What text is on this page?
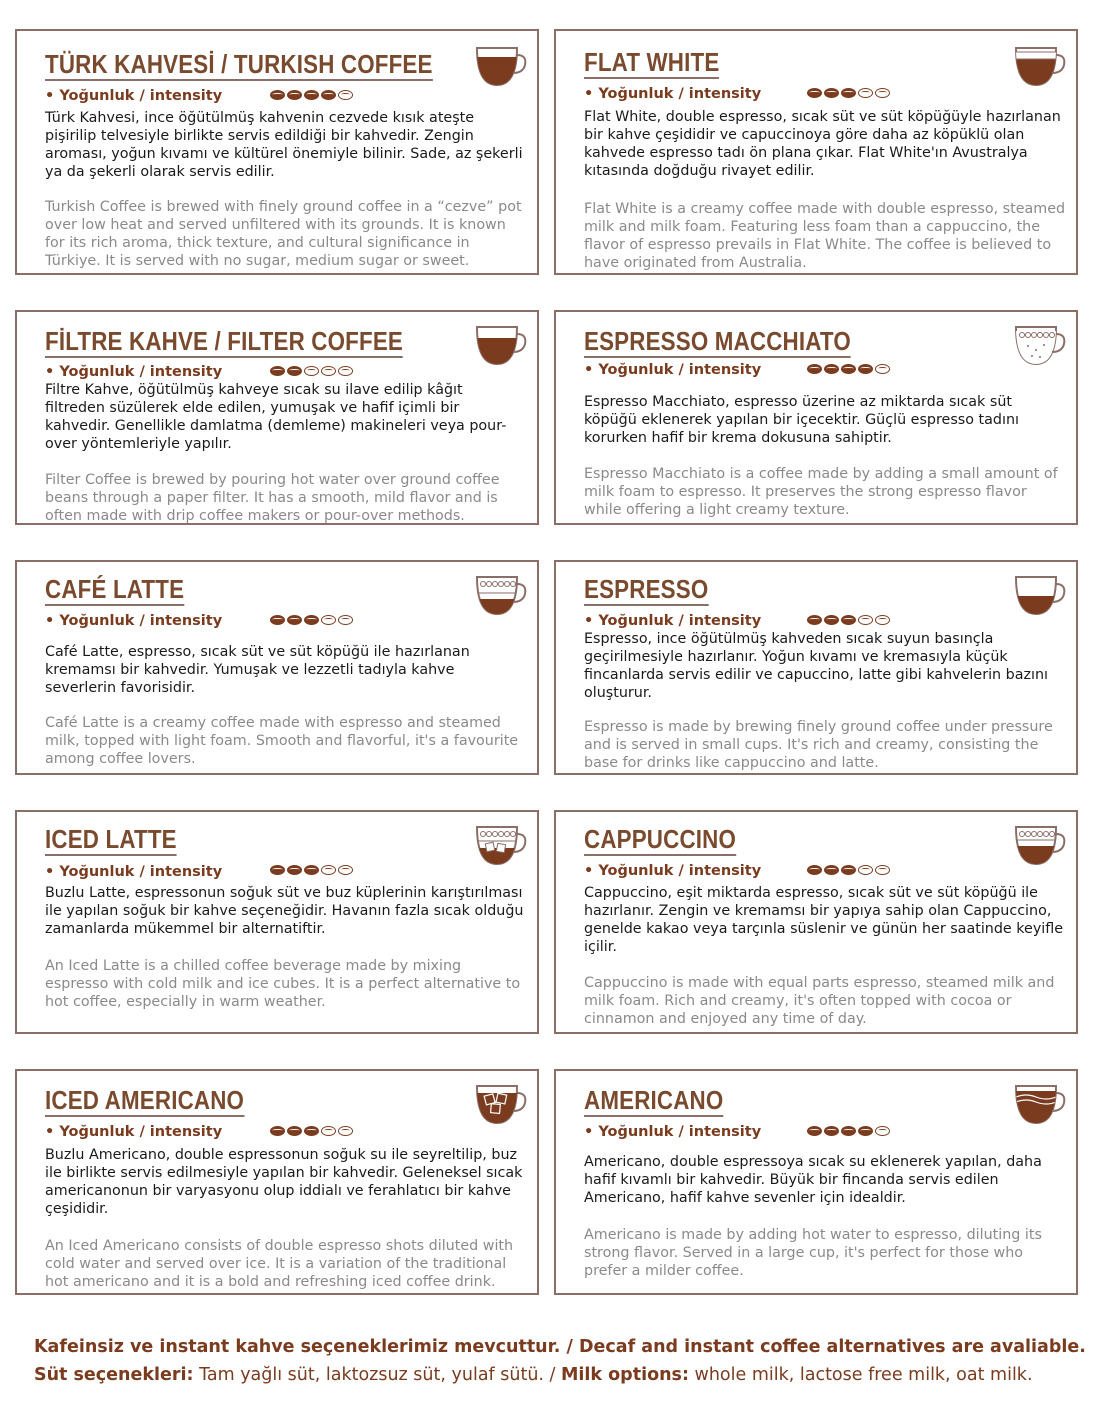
TÜRK KAHVESİ / TURKISH COFFEE
• Yoğunluk / intensity

Türk Kahvesi, ince öğütülmüş kahvenin cezvede kısık ateşte pişirilip telvesiyle birlikte servis edildiği bir kahvedir. Zengin aroması, yoğun kıvamı ve kültürel önemiyle bilinir. Sade, az şekerli ya da şekerli olarak servis edilir.

Turkish Coffee is brewed with finely ground coffee in a “cezve” pot over low heat and served unfiltered with its grounds. It is known for its rich aroma, thick texture, and cultural significance in Türkiye. It is served with no sugar, medium sugar or sweet.

FLAT WHITE
• Yoğunluk / intensity

Flat White, double espresso, sıcak süt ve süt köpüğüyle hazırlanan bir kahve çeşididir ve capuccinoya göre daha az köpüklü olan kahvede espresso tadı ön plana çıkar. Flat White'ın Avustralya kıtasında doğduğu rivayet edilir.

Flat White is a creamy coffee made with double espresso, steamed milk and milk foam. Featuring less foam than a cappuccino, the flavor of espresso prevails in Flat White. The coffee is believed to have originated from Australia.

FİLTRE KAHVE / FILTER COFFEE
• Yoğunluk / intensity

Filtre Kahve, öğütülmüş kahveye sıcak su ilave edilip kâğıt filtreden süzülerek elde edilen, yumuşak ve hafif içimli bir kahvedir. Genellikle damlatma (demleme) makineleri veya pour-over yöntemleriyle yapılır.

Filter Coffee is brewed by pouring hot water over ground coffee beans through a paper filter. It has a smooth, mild flavor and is often made with drip coffee makers or pour-over methods.

ESPRESSO MACCHIATO
• Yoğunluk / intensity

Espresso Macchiato, espresso üzerine az miktarda sıcak süt köpüğü eklenerek yapılan bir içecektir. Güçlü espresso tadını korurken hafif bir krema dokusuna sahiptir.

Espresso Macchiato is a coffee made by adding a small amount of milk foam to espresso. It preserves the strong espresso flavor while offering a light creamy texture.

CAFÉ LATTE
• Yoğunluk / intensity

Café Latte, espresso, sıcak süt ve süt köpüğü ile hazırlanan kremamsı bir kahvedir. Yumuşak ve lezzetli tadıyla kahve severlerin favorisidir.

Café Latte is a creamy coffee made with espresso and steamed milk, topped with light foam. Smooth and flavorful, it's a favourite among coffee lovers.

ESPRESSO
• Yoğunluk / intensity

Espresso, ince öğütülmüş kahveden sıcak suyun basınçla geçirilmesiyle hazırlanır. Yoğun kıvamı ve kremasıyla küçük fincanlarda servis edilir ve capuccino, latte gibi kahvelerin bazını oluşturur.

Espresso is made by brewing finely ground coffee under pressure and is served in small cups. It's rich and creamy, consisting the base for drinks like cappuccino and latte.

ICED LATTE
• Yoğunluk / intensity

Buzlu Latte, espressonun soğuk süt ve buz küplerinin karıştırılması ile yapılan soğuk bir kahve seçeneğidir. Havanın fazla sıcak olduğu zamanlarda mükemmel bir alternatiftir.

An Iced Latte is a chilled coffee beverage made by mixing espresso with cold milk and ice cubes. It is a perfect alternative to hot coffee, especially in warm weather.

CAPPUCCINO
• Yoğunluk / intensity

Cappuccino, eşit miktarda espresso, sıcak süt ve süt köpüğü ile hazırlanır. Zengin ve kremamsı bir yapıya sahip olan Cappuccino, genelde kakao veya tarçınla süslenir ve günün her saatinde keyifle içilir.

Cappuccino is made with equal parts espresso, steamed milk and milk foam. Rich and creamy, it's often topped with cocoa or cinnamon and enjoyed any time of day.

ICED AMERICANO
• Yoğunluk / intensity

Buzlu Americano, double espressonun soğuk su ile seyreltilip, buz ile birlikte servis edilmesiyle yapılan bir kahvedir. Geleneksel sıcak americanonun bir varyasyonu olup iddialı ve ferahlatıcı bir kahve çeşididir.

An Iced Americano consists of double espresso shots diluted with cold water and served over ice. It is a variation of the traditional hot americano and it is a bold and refreshing iced coffee drink.

AMERICANO
• Yoğunluk / intensity

Americano, double espressoya sıcak su eklenerek yapılan, daha hafif kıvamlı bir kahvedir. Büyük bir fincanda servis edilen Americano, hafif kahve sevenler için idealdir.

Americano is made by adding hot water to espresso, diluting its strong flavor. Served in a large cup, it's perfect for those who prefer a milder coffee.

Kafeinsiz ve instant kahve seçeneklerimiz mevcuttur. / Decaf and instant coffee alternatives are avaliable.
Süt seçenekleri: Tam yağlı süt, laktozsuz süt, yulaf sütü. / Milk options: whole milk, lactose free milk, oat milk.
